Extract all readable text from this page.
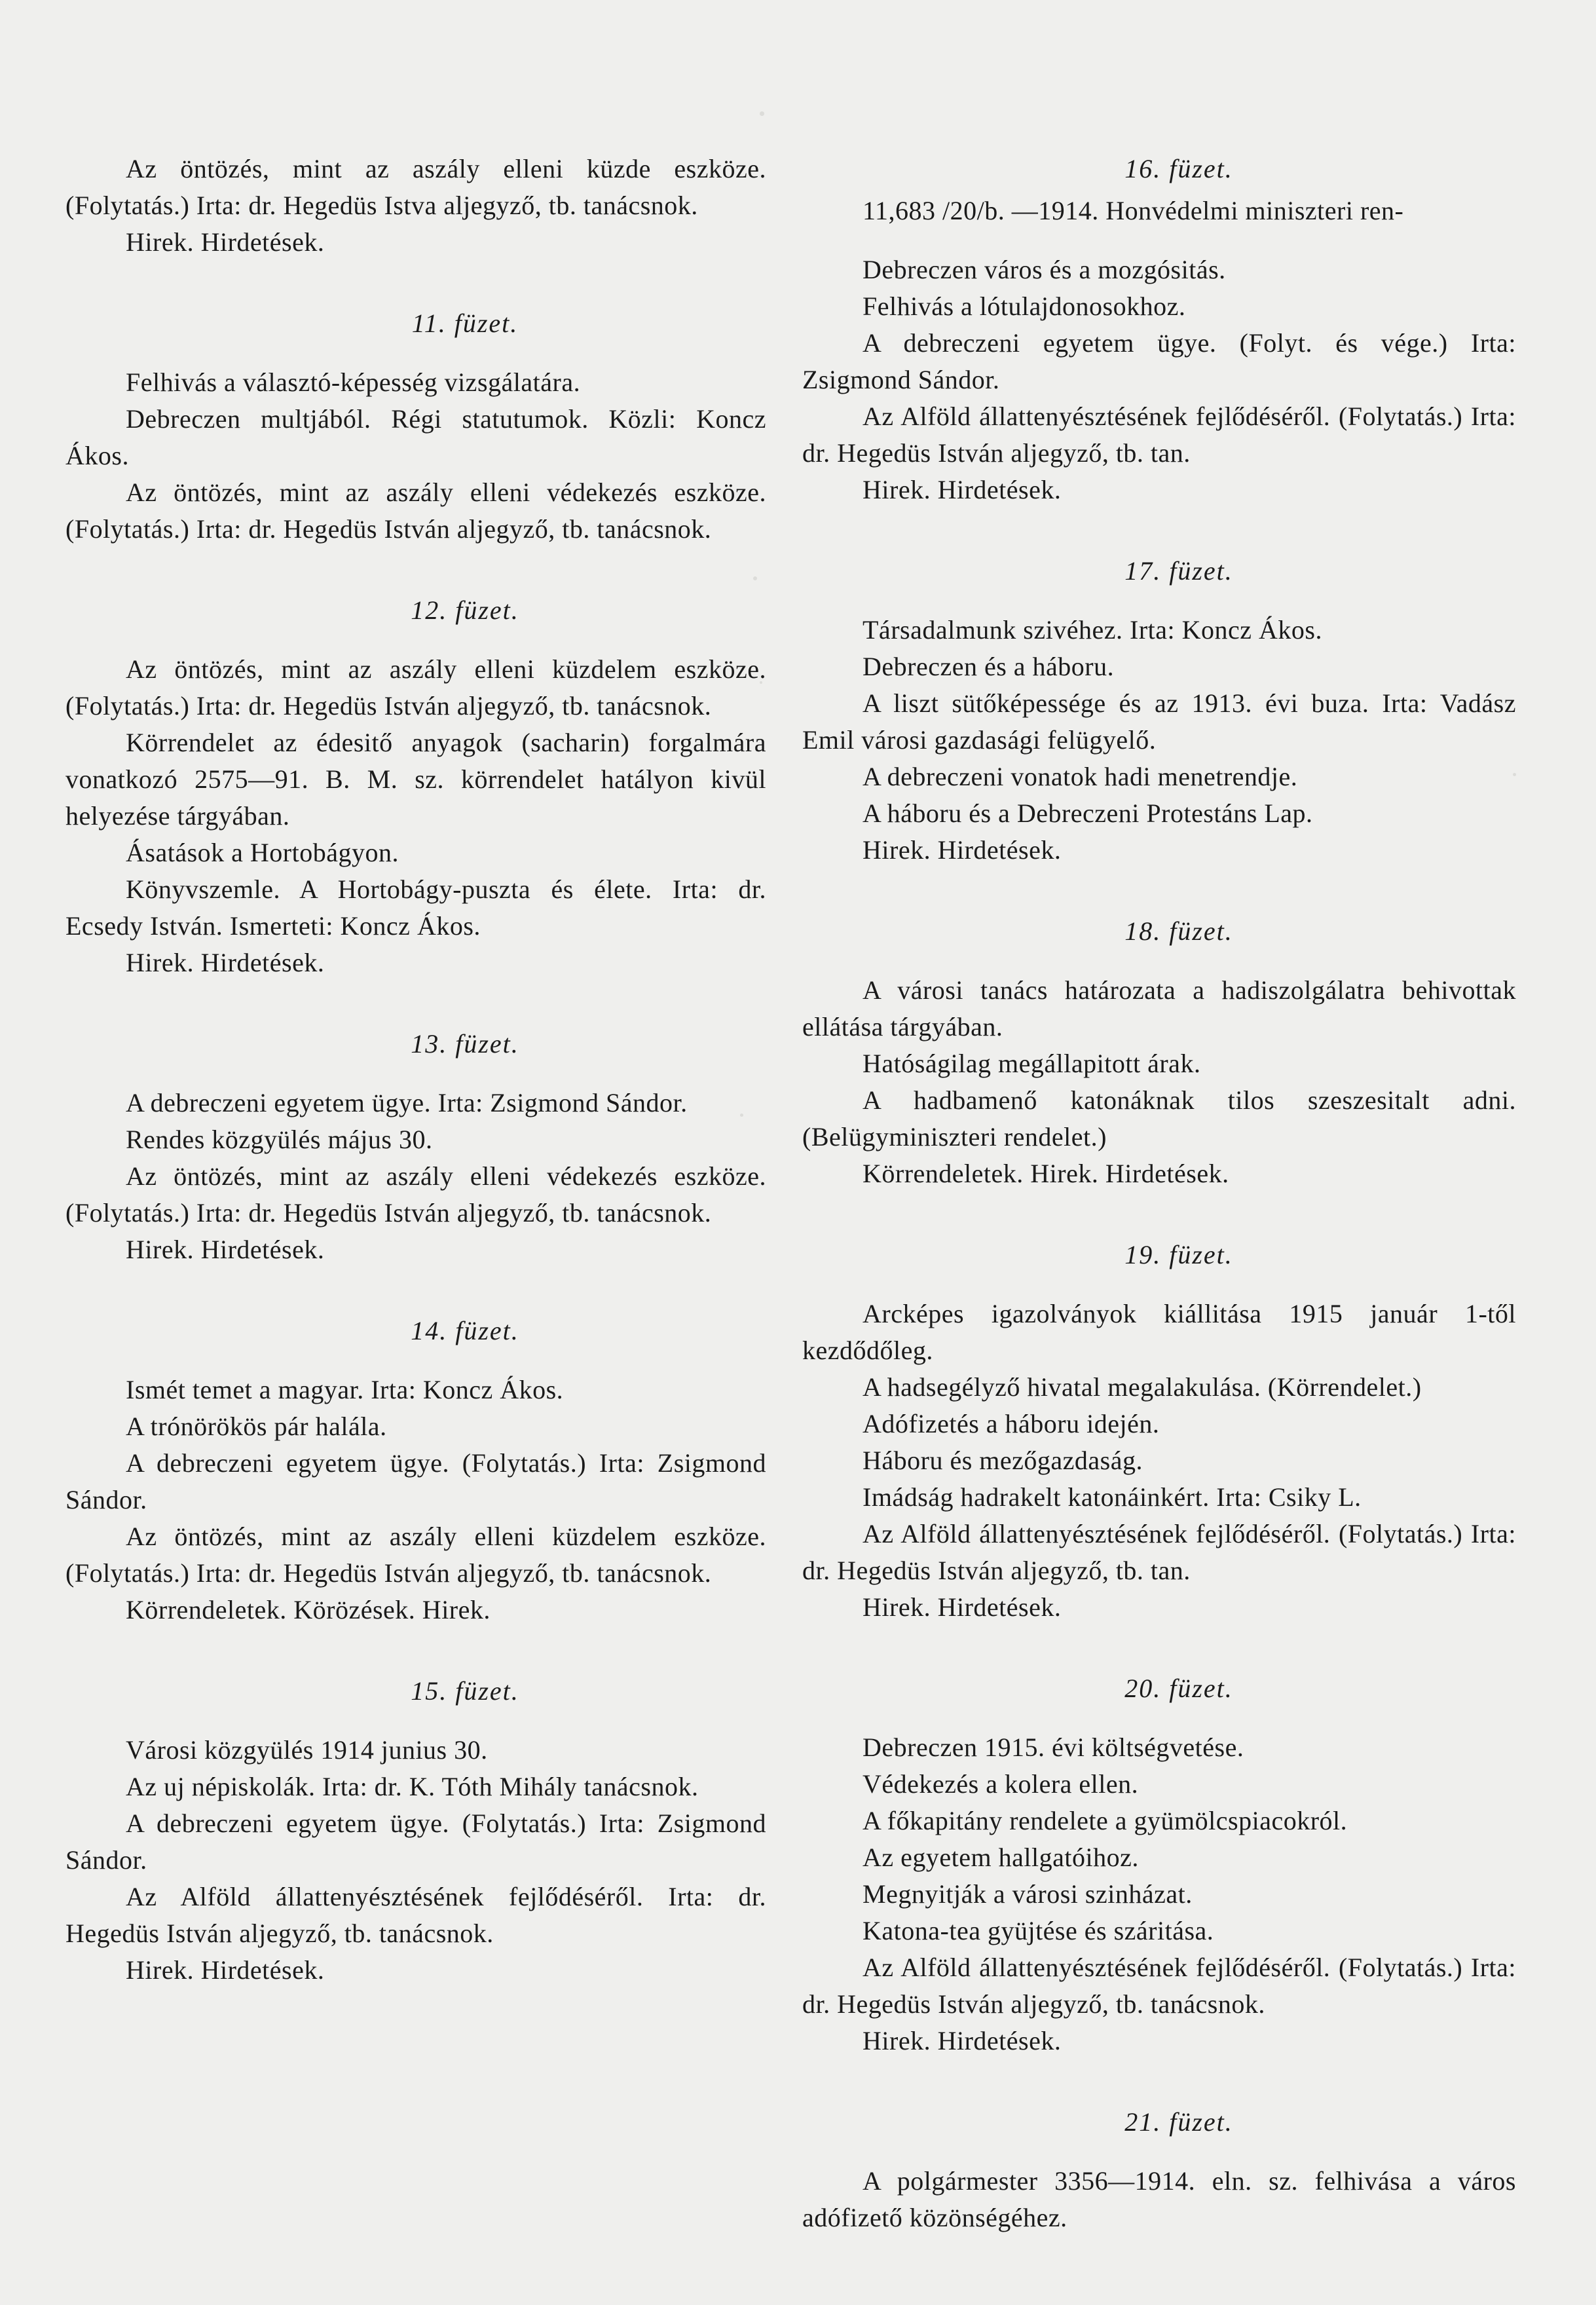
Az öntözés, mint az aszály elleni küzde eszköze. (Folytatás.) Irta: dr. Hegedüs Istva aljegyző, tb. tanácsnok.

Hirek. Hirdetések.

11. füzet.

Felhivás a választó-képesség vizsgálatára.

Debreczen multjából. Régi statutumok. Közli: Koncz Ákos.

Az öntözés, mint az aszály elleni védekezés eszköze. (Folytatás.) Irta: dr. Hegedüs István aljegyző, tb. tanácsnok.

12. füzet.

Az öntözés, mint az aszály elleni küzdelem eszköze. (Folytatás.) Irta: dr. Hegedüs István aljegyző, tb. tanácsnok.

Körrendelet az édesitő anyagok (sacharin) forgalmára vonatkozó 2575—91. B. M. sz. körrendelet hatályon kivül helyezése tárgyában.

Ásatások a Hortobágyon.

Könyvszemle. A Hortobágy-puszta és élete. Irta: dr. Ecsedy István. Ismerteti: Koncz Ákos.

Hirek. Hirdetések.

13. füzet.

A debreczeni egyetem ügye. Irta: Zsigmond Sándor.

Rendes közgyülés május 30.

Az öntözés, mint az aszály elleni védekezés eszköze. (Folytatás.) Irta: dr. Hegedüs István aljegyző, tb. tanácsnok.

Hirek. Hirdetések.

14. füzet.

Ismét temet a magyar. Irta: Koncz Ákos.

A trónörökös pár halála.

A debreczeni egyetem ügye. (Folytatás.) Irta: Zsigmond Sándor.

Az öntözés, mint az aszály elleni küzdelem eszköze. (Folytatás.) Irta: dr. Hegedüs István aljegyző, tb. tanácsnok.

Körrendeletek. Körözések. Hirek.

15. füzet.

Városi közgyülés 1914 junius 30.

Az uj népiskolák. Irta: dr. K. Tóth Mihály tanácsnok.

A debreczeni egyetem ügye. (Folytatás.) Irta: Zsigmond Sándor.

Az Alföld állattenyésztésének fejlődéséről. Irta: dr. Hegedüs István aljegyző, tb. tanácsnok.

Hirek. Hirdetések.

16. füzet.

11,683 /20/b. —1914. Honvédelmi miniszteri ren-

Debreczen város és a mozgósitás.

Felhivás a lótulajdonosokhoz.

A debreczeni egyetem ügye. (Folyt. és vége.) Irta: Zsigmond Sándor.

Az Alföld állattenyésztésének fejlődéséről. (Folytatás.) Irta: dr. Hegedüs István aljegyző, tb. tan.

Hirek. Hirdetések.

17. füzet.

Társadalmunk szivéhez. Irta: Koncz Ákos.

Debreczen és a háboru.

A liszt sütőképessége és az 1913. évi buza. Irta: Vadász Emil városi gazdasági felügyelő.

A debreczeni vonatok hadi menetrendje.

A háboru és a Debreczeni Protestáns Lap.

Hirek. Hirdetések.

18. füzet.

A városi tanács határozata a hadiszolgálatra behivottak ellátása tárgyában.

Hatóságilag megállapitott árak.

A hadbamenő katonáknak tilos szeszesitalt adni. (Belügyminiszteri rendelet.)

Körrendeletek. Hirek. Hirdetések.

19. füzet.

Arcképes igazolványok kiállitása 1915 január 1-től kezdődőleg.

A hadsegélyző hivatal megalakulása. (Körrendelet.)

Adófizetés a háboru idején.

Háboru és mezőgazdaság.

Imádság hadrakelt katonáinkért. Irta: Csiky L.

Az Alföld állattenyésztésének fejlődéséről. (Folytatás.) Irta: dr. Hegedüs István aljegyző, tb. tan.

Hirek. Hirdetések.

20. füzet.

Debreczen 1915. évi költségvetése.

Védekezés a kolera ellen.

A főkapitány rendelete a gyümölcspiacokról.

Az egyetem hallgatóihoz.

Megnyitják a városi szinházat.

Katona-tea gyüjtése és száritása.

Az Alföld állattenyésztésének fejlődéséről. (Folytatás.) Irta: dr. Hegedüs István aljegyző, tb. tanácsnok.

Hirek. Hirdetések.

21. füzet.

A polgármester 3356—1914. eln. sz. felhivása a város adófizető közönségéhez.
